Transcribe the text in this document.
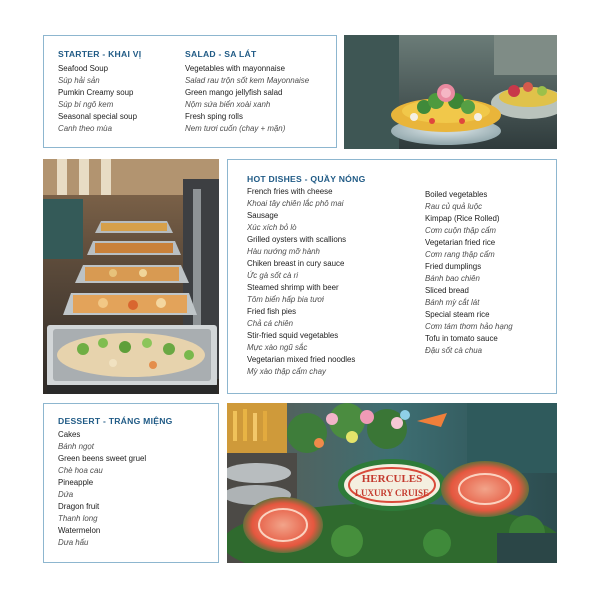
STARTER - KHAI VỊ
Seafood Soup
Súp hải sản
Pumkin Creamy soup
Súp bí ngô kem
Seasonal special soup
Canh theo mùa
SALAD - SA LÁT
Vegetables with mayonnaise
Salad rau trộn sốt kem Mayonnaise
Green mango jellyfish salad
Nộm sứa biển xoài xanh
Fresh sping rolls
Nem tươi cuốn (chay + mặn)
HOT DISHES - QUẦY NÓNG
French fries with cheese
Khoai tây chiên lắc phô mai
Sausage
Xúc xích bỏ lò
Grilled oysters with scallions
Hàu nướng mỡ hành
Chiken breast in cury sauce
Ức gà sốt cà ri
Steamed shrimp with beer
Tôm biển hấp bia tươi
Fried fish pies
Chả cá chiên
Stir-fried squid vegetables
Mực xào ngũ sắc
Vegetarian mixed fried noodles
Mỳ xào thập cẩm chay
Boiled vegetables
Rau củ quả luộc
Kimpap (Rice Rolled)
Cơm cuộn thập cẩm
Vegetarian fried rice
Cơm rang thập cẩm
Fried dumplings
Bánh bao chiên
Sliced bread
Bánh mỳ cắt lát
Special steam rice
Cơm tám thơm hảo hạng
Tofu in tomato sauce
Đậu sốt cà chua
DESSERT - TRÁNG MIỆNG
Cakes
Bánh ngọt
Green beens sweet gruel
Chè hoa cau
Pineapple
Dứa
Dragon fruit
Thanh long
Watermelon
Dưa hấu
HERCULES
LUXURY CRUISE
